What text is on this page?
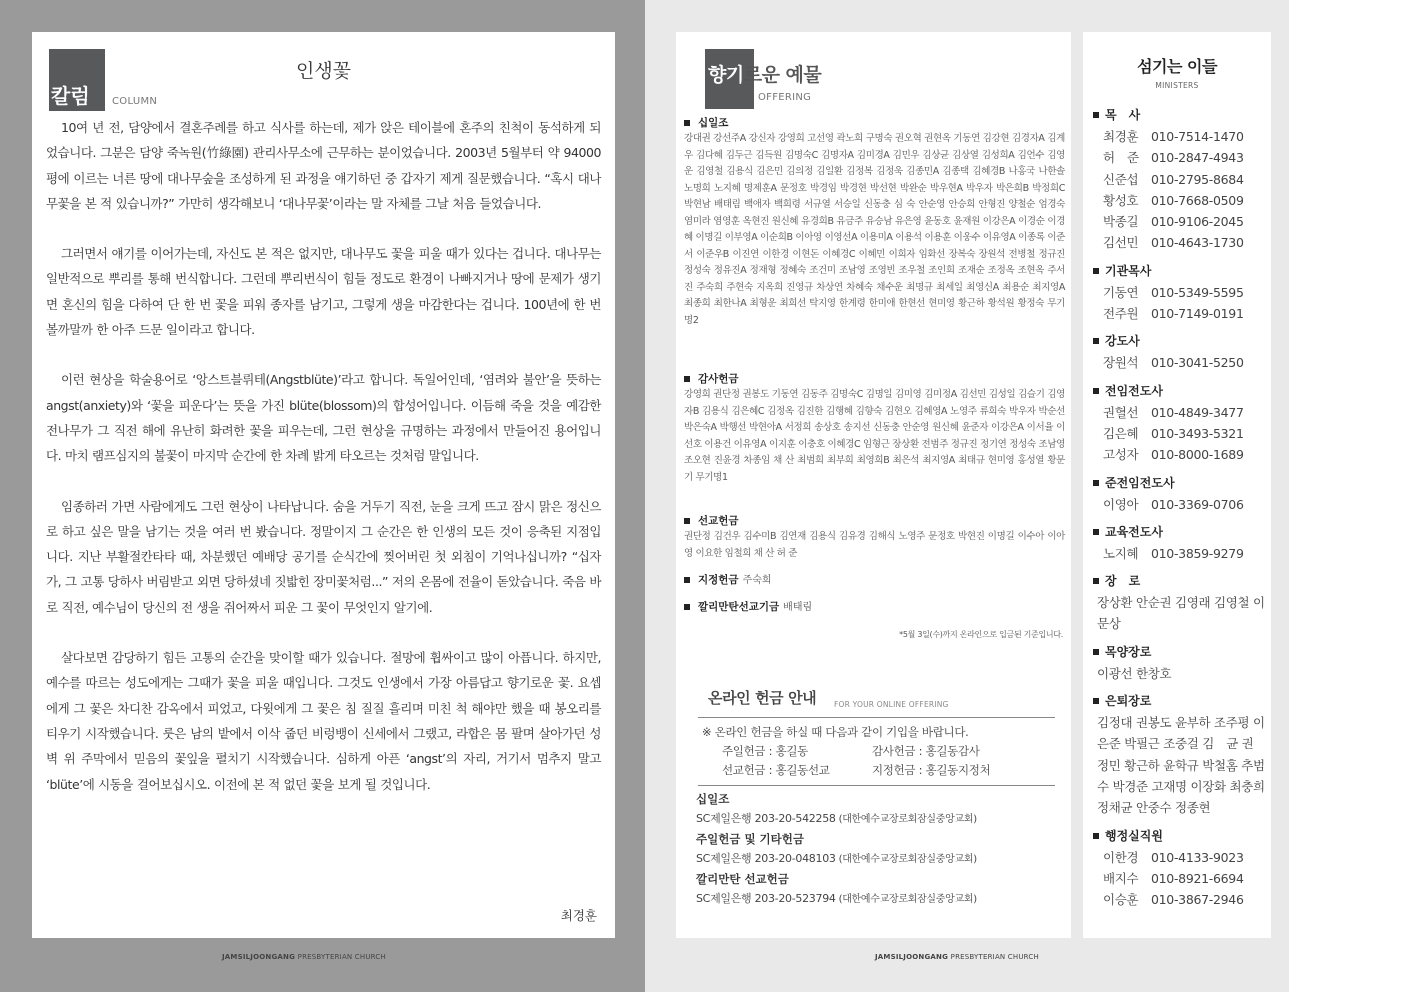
칼럼	COLUMN
인생꽃

10여 년 전, 담양에서 결혼주례를 하고 식사를 하는데, 제가 앉은 테이블에 혼주의 친척이 동석하게 되었습니다. 그분은 담양 죽녹원(竹綠園) 관리사무소에 근무하는 분이었습니다. 2003년 5월부터 약 94000평에 이르는 너른 땅에 대나무숲을 조성하게 된 과정을 얘기하던 중 갑자기 제게 질문했습니다. “혹시 대나무꽃을 본 적 있습니까?” 가만히 생각해보니 ‘대나무꽃’이라는 말 자체를 그날 처음 들었습니다.

그러면서 얘기를 이어가는데, 자신도 본 적은 없지만, 대나무도 꽃을 피울 때가 있다는 겁니다. 대나무는 일반적으로 뿌리를 통해 번식합니다. 그런데 뿌리번식이 힘들 정도로 환경이 나빠지거나 땅에 문제가 생기면 혼신의 힘을 다하여 단 한 번 꽃을 피워 종자를 남기고, 그렇게 생을 마감한다는 겁니다. 100년에 한 번 볼까말까 한 아주 드문 일이라고 합니다.

이런 현상을 학술용어로 ‘앙스트블뤼테(Angstblüte)’라고 합니다. 독일어인데, ‘염려와 불안’을 뜻하는 angst(anxiety)와 ‘꽃을 피운다’는 뜻을 가진 blüte(blossom)의 합성어입니다. 이듬해 죽을 것을 예감한 전나무가 그 직전 해에 유난히 화려한 꽃을 피우는데, 그런 현상을 규명하는 과정에서 만들어진 용어입니다. 마치 램프심지의 불꽃이 마지막 순간에 한 차례 밝게 타오르는 것처럼 말입니다.

임종하러 가면 사람에게도 그런 현상이 나타납니다. 숨을 거두기 직전, 눈을 크게 뜨고 잠시 맑은 정신으로 하고 싶은 말을 남기는 것을 여러 번 봤습니다. 정말이지 그 순간은 한 인생의 모든 것이 응축된 지점입니다. 지난 부활절칸타타 때, 차분했던 예배당 공기를 순식간에 찢어버린 첫 외침이 기억나십니까? “십자가, 그 고통 당하사 버림받고 외면 당하셨네 짓밟힌 장미꽃처럼...” 저의 온몸에 전율이 돋았습니다. 죽음 바로 직전, 예수님이 당신의 전 생을 쥐어짜서 피운 그 꽃이 무엇인지 알기에.

살다보면 감당하기 힘든 고통의 순간을 맞이할 때가 있습니다. 절망에 휩싸이고 많이 아픕니다. 하지만, 예수를 따르는 성도에게는 그때가 꽃을 피울 때입니다. 그것도 인생에서 가장 아름답고 향기로운 꽃. 요셉에게 그 꽃은 차디찬 감옥에서 피었고, 다윗에게 그 꽃은 침 질질 흘리며 미친 척 해야만 했을 때 봉오리를 티우기 시작했습니다. 룻은 남의 밭에서 이삭 줍던 비렁뱅이 신세에서 그랬고, 라합은 몸 팔며 살아가던 성벽 위 주막에서 믿음의 꽃잎을 펼치기 시작했습니다. 심하게 아픈 ‘angst’의 자리, 거기서 멈추지 말고 ‘blüte’에 시동을 걸어보십시오. 이전에 본 적 없던 꽃을 보게 될 것입니다.

최경훈
JAMSILJOONGANG PRESBYTERIAN CHURCH
향기로운 예물
OFFERING
십일조
강대권 강선주A 강신자 강영희 고선영 곽노희 구명숙 권오혁 권현옥 기동연 김강현 김경자A 김계우 김다혜 김두근 김득원 김명숙C 김명자A 김미경A 김민우 김상균 김상열 김성희A 김언수 김영운 김영철 김용식 김은민 김의정 김일환 김정복 김정욱 김종민A 김종택 김혜경B 나홍국 나한솔 노명희 노지혜 명제훈A 문정호 박경임 박경현 박선현 박완순 박우현A 박우자 박은희B 박정희C 박현남 배태림 백애자 백희령 서규열 서승일 신동충 심 숙 안순영 안승희 안형진 양철순 엄경숙 염미라 염영훈 옥현진 원신혜 유경희B 유금주 유승남 유은영 윤동호 윤재원 이강은A 이경순 이경혜 이명길 이부영A 이순희B 이아영 이영선A 이용미A 이용석 이용훈 이웅수 이유영A 이종록 이준서 이준우B 이진연 이한경 이현돈 이혜경C 이혜민 이희자 임화선 장복숙 장원석 전병철 정규진 정성숙 정유진A 정재형 정혜숙 조건미 조남영 조영빈 조우철 조인희 조재순 조정옥 조현옥 주서진 주숙희 주현숙 지옥희 진영규 차상연 차혜숙 채수운 최명규 최세일 최영신A 최용순 최지영A 최종희 최한나A 최형운 최희선 탁지영 한계령 한미애 한현선 현미영 황근하 황석원 황정숙 무기명2
감사헌금
강영희 권단정 권봉도 기동연 김동주 김명숙C 김명일 김미영 김미정A 김선민 김성일 김슬기 김영자B 김용식 김은혜C 김정옥 김진한 김행혜 김향숙 김현오 김혜영A 노영주 류희숙 박우자 박순선 박은숙A 박행선 박현아A 서정희 송상호 송지선 신동충 안순영 원신혜 윤준자 이강은A 이서율 이선호 이용건 이유영A 이지훈 이충호 이혜경C 임형근 장상환 전범주 정규진 정기연 정성숙 조남영 조오현 진윤경 차종임 채 산 최범희 최부희 최영희B 최은석 최지영A 최태규 현미영 홍성열 황문기 무기명1
선교헌금
권단정 김건우 김수미B 김연재 김용식 김유경 김해식 노영주 문정호 박현진 이명길 이수아 이아영 이요한 임철희 채 산 허 준
지정헌금 주숙희
깔리만탄선교기금 배태림
*5월 3일(수)까지 온라인으로 입금된 기준입니다.
온라인 헌금 안내 FOR YOUR ONLINE OFFERING
※ 온라인 헌금을 하실 때 다음과 같이 기입을 바랍니다.
주일헌금 : 홍길동	감사헌금 : 홍길동감사
선교헌금 : 홍길동선교	지정헌금 : 홍길동지정처
십일조
SC제일은행 203-20-542258 (대한예수교장로회잠실중앙교회)
주일헌금 및 기타헌금
SC제일은행 203-20-048103 (대한예수교장로회잠실중앙교회)
깔리만탄 선교헌금
SC제일은행 203-20-523794 (대한예수교장로회잠실중앙교회)
섬기는 이들
MINISTERS
목　사
최경훈 010-7514-1470
허　준 010-2847-4943
신준섭 010-2795-8684
황성호 010-7668-0509
박종길 010-9106-2045
김선민 010-4643-1730
기관목사
기동연 010-5349-5595
전주원 010-7149-0191
강도사
장원석 010-3041-5250
전임전도사
권혈선 010-4849-3477
김은혜 010-3493-5321
고성자 010-8000-1689
준전임전도사
이영아 010-3369-0706
교육전도사
노지혜 010-3859-9279
장　로
장상환 안순권 김영래 김영철 이문상
목양장로
이광선 한창호
은퇴장로
김정대 권봉도 윤부하 조주평 이은준 박필근 조중걸 김　균 권정민 황근하 윤학규 박철홈 추범수 박경준 고재명 이장화 최충희 정채균 안중수 정종현
행정실직원
이한경 010-4133-9023
배지수 010-8921-6694
이승훈 010-3867-2946
JAMSILJOONGANG PRESBYTERIAN CHURCH
